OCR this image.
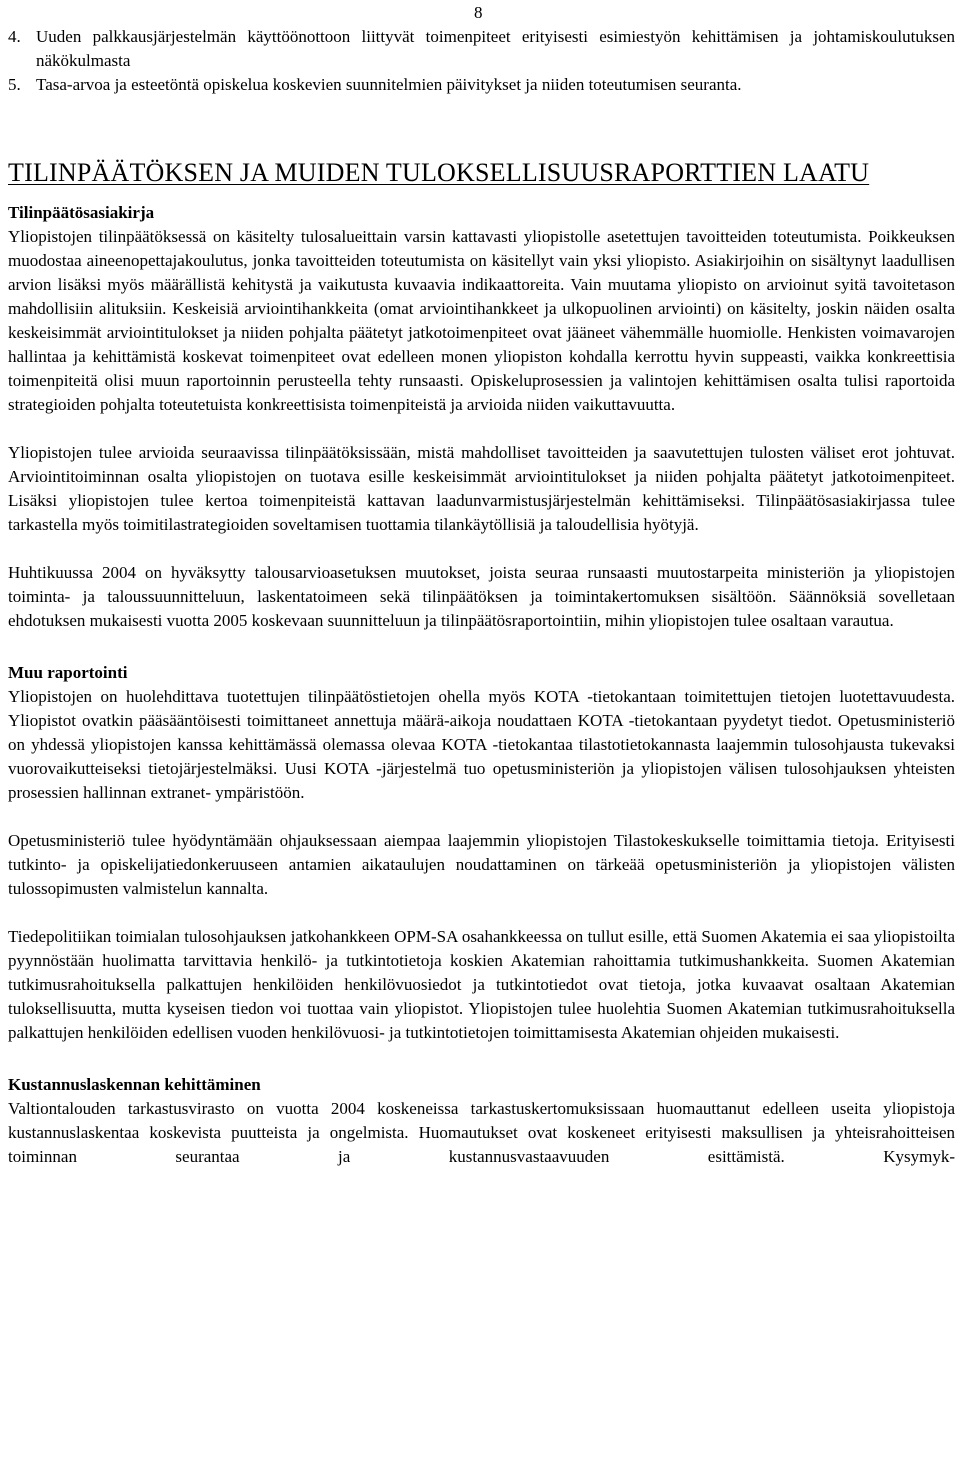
8
4. Uuden palkkausjärjestelmän käyttöönottoon liittyvät toimenpiteet erityisesti esimiestyön kehittämisen ja johtamiskoulutuksen näkökulmasta
5. Tasa-arvoa ja esteetöntä opiskelua koskevien suunnitelmien päivitykset ja niiden toteutumisen seuranta.
TILINPÄÄTÖKSEN JA MUIDEN TULOKSELLISUUSRAPORTTIEN LAATU
Tilinpäätösasiakirja

Yliopistojen tilinpäätöksessä on käsitelty tulosalueittain varsin kattavasti yliopistolle asetettujen tavoitteiden toteutumista. Poikkeuksen muodostaa aineenopettajakoulutus, jonka tavoitteiden toteutumista on käsitellyt vain yksi yliopisto. Asiakirjoihin on sisältynyt laadullisen arvion lisäksi myös määrällistä kehitystä ja vaikutusta kuvaavia indikaattoreita. Vain muutama yliopisto on arvioinut syitä tavoitetason mahdollisiin alituksiin. Keskeisiä arviointihankkeita (omat arviointihankkeet ja ulkopuolinen arviointi) on käsitelty, joskin näiden osalta keskeisimmät arviointitulokset ja niiden pohjalta päätetyt jatkotoimenpiteet ovat jääneet vähemmälle huomiolle. Henkisten voimavarojen hallintaa ja kehittämistä koskevat toimenpiteet ovat edelleen monen yliopiston kohdalla kerrottu hyvin suppeasti, vaikka konkreettisia toimenpiteitä olisi muun raportoinnin perusteella tehty runsaasti. Opiskeluprosessien ja valintojen kehittämisen osalta tulisi raportoida strategioiden pohjalta toteutetuista konkreettisista toimenpiteistä ja arvioida niiden vaikuttavuutta.

Yliopistojen tulee arvioida seuraavissa tilinpäätöksissään, mistä mahdolliset tavoitteiden ja saavutettujen tulosten väliset erot johtuvat. Arviointitoiminnan osalta yliopistojen on tuotava esille keskeisimmät arviointitulokset ja niiden pohjalta päätetyt jatkotoimenpiteet. Lisäksi yliopistojen tulee kertoa toimenpiteistä kattavan laadunvarmistusjärjestelmän kehittämiseksi. Tilinpäätösasiakirjassa tulee tarkastella myös toimitilastrategioiden soveltamisen tuottamia tilankäytöllisiä ja taloudellisia hyötyjä.

Huhtikuussa 2004 on hyväksytty talousarvioasetuksen muutokset, joista seuraa runsaasti muutostarpeita ministeriön ja yliopistojen toiminta- ja taloussuunnitteluun, laskentatoimeen sekä tilinpäätöksen ja toimintakertomuksen sisältöön. Säännöksiä sovelletaan ehdotuksen mukaisesti vuotta 2005 koskevaan suunnitteluun ja tilinpäätösraportointiin, mihin yliopistojen tulee osaltaan varautua.

Muu raportointi

Yliopistojen on huolehdittava tuotettujen tilinpäätöstietojen ohella myös KOTA -tietokantaan toimitettujen tietojen luotettavuudesta. Yliopistot ovatkin pääsääntöisesti toimittaneet annettuja määrä-aikoja noudattaen KOTA -tietokantaan pyydetyt tiedot. Opetusministeriö on yhdessä yliopistojen kanssa kehittämässä olemassa olevaa KOTA -tietokantaa tilastotietokannasta laajemmin tulosohjausta tukevaksi vuorovaikutteiseksi tietojärjestelmäksi. Uusi KOTA -järjestelmä tuo opetusministeriön ja yliopistojen välisen tulosohjauksen yhteisten prosessien hallinnan extranet- ympäristöön.

Opetusministeriö tulee hyödyntämään ohjauksessaan aiempaa laajemmin yliopistojen Tilastokeskukselle toimittamia tietoja. Erityisesti tutkinto- ja opiskelijatiedonkeruuseen antamien aikataulujen noudattaminen on tärkeää opetusministeriön ja yliopistojen välisten tulossopimusten valmistelun kannalta.

Tiedepolitiikan toimialan tulosohjauksen jatkohankkeen OPM-SA osahankkeessa on tullut esille, että Suomen Akatemia ei saa yliopistoilta pyynnöstään huolimatta tarvittavia henkilö- ja tutkintotietoja koskien Akatemian rahoittamia tutkimushankkeita. Suomen Akatemian tutkimusrahoituksella palkattujen henkilöiden henkilövuosiedot ja tutkintotiedot ovat tietoja, jotka kuvaavat osaltaan Akatemian tuloksellisuutta, mutta kyseisen tiedon voi tuottaa vain yliopistot. Yliopistojen tulee huolehtia Suomen Akatemian tutkimusrahoituksella palkattujen henkilöiden edellisen vuoden henkilövuosi- ja tutkintotietojen toimittamisesta Akatemian ohjeiden mukaisesti.

Kustannuslaskennan kehittäminen

Valtiontalouden tarkastusvirasto on vuotta 2004 koskeneissa tarkastuskertomuksissaan huomauttanut edelleen useita yliopistoja kustannuslaskentaa koskevista puutteista ja ongelmista. Huomautukset ovat koskeneet erityisesti maksullisen ja yhteisrahoitteisen toiminnan seurantaa ja kustannusvastaavuuden esittämistä. Kysymyk-
